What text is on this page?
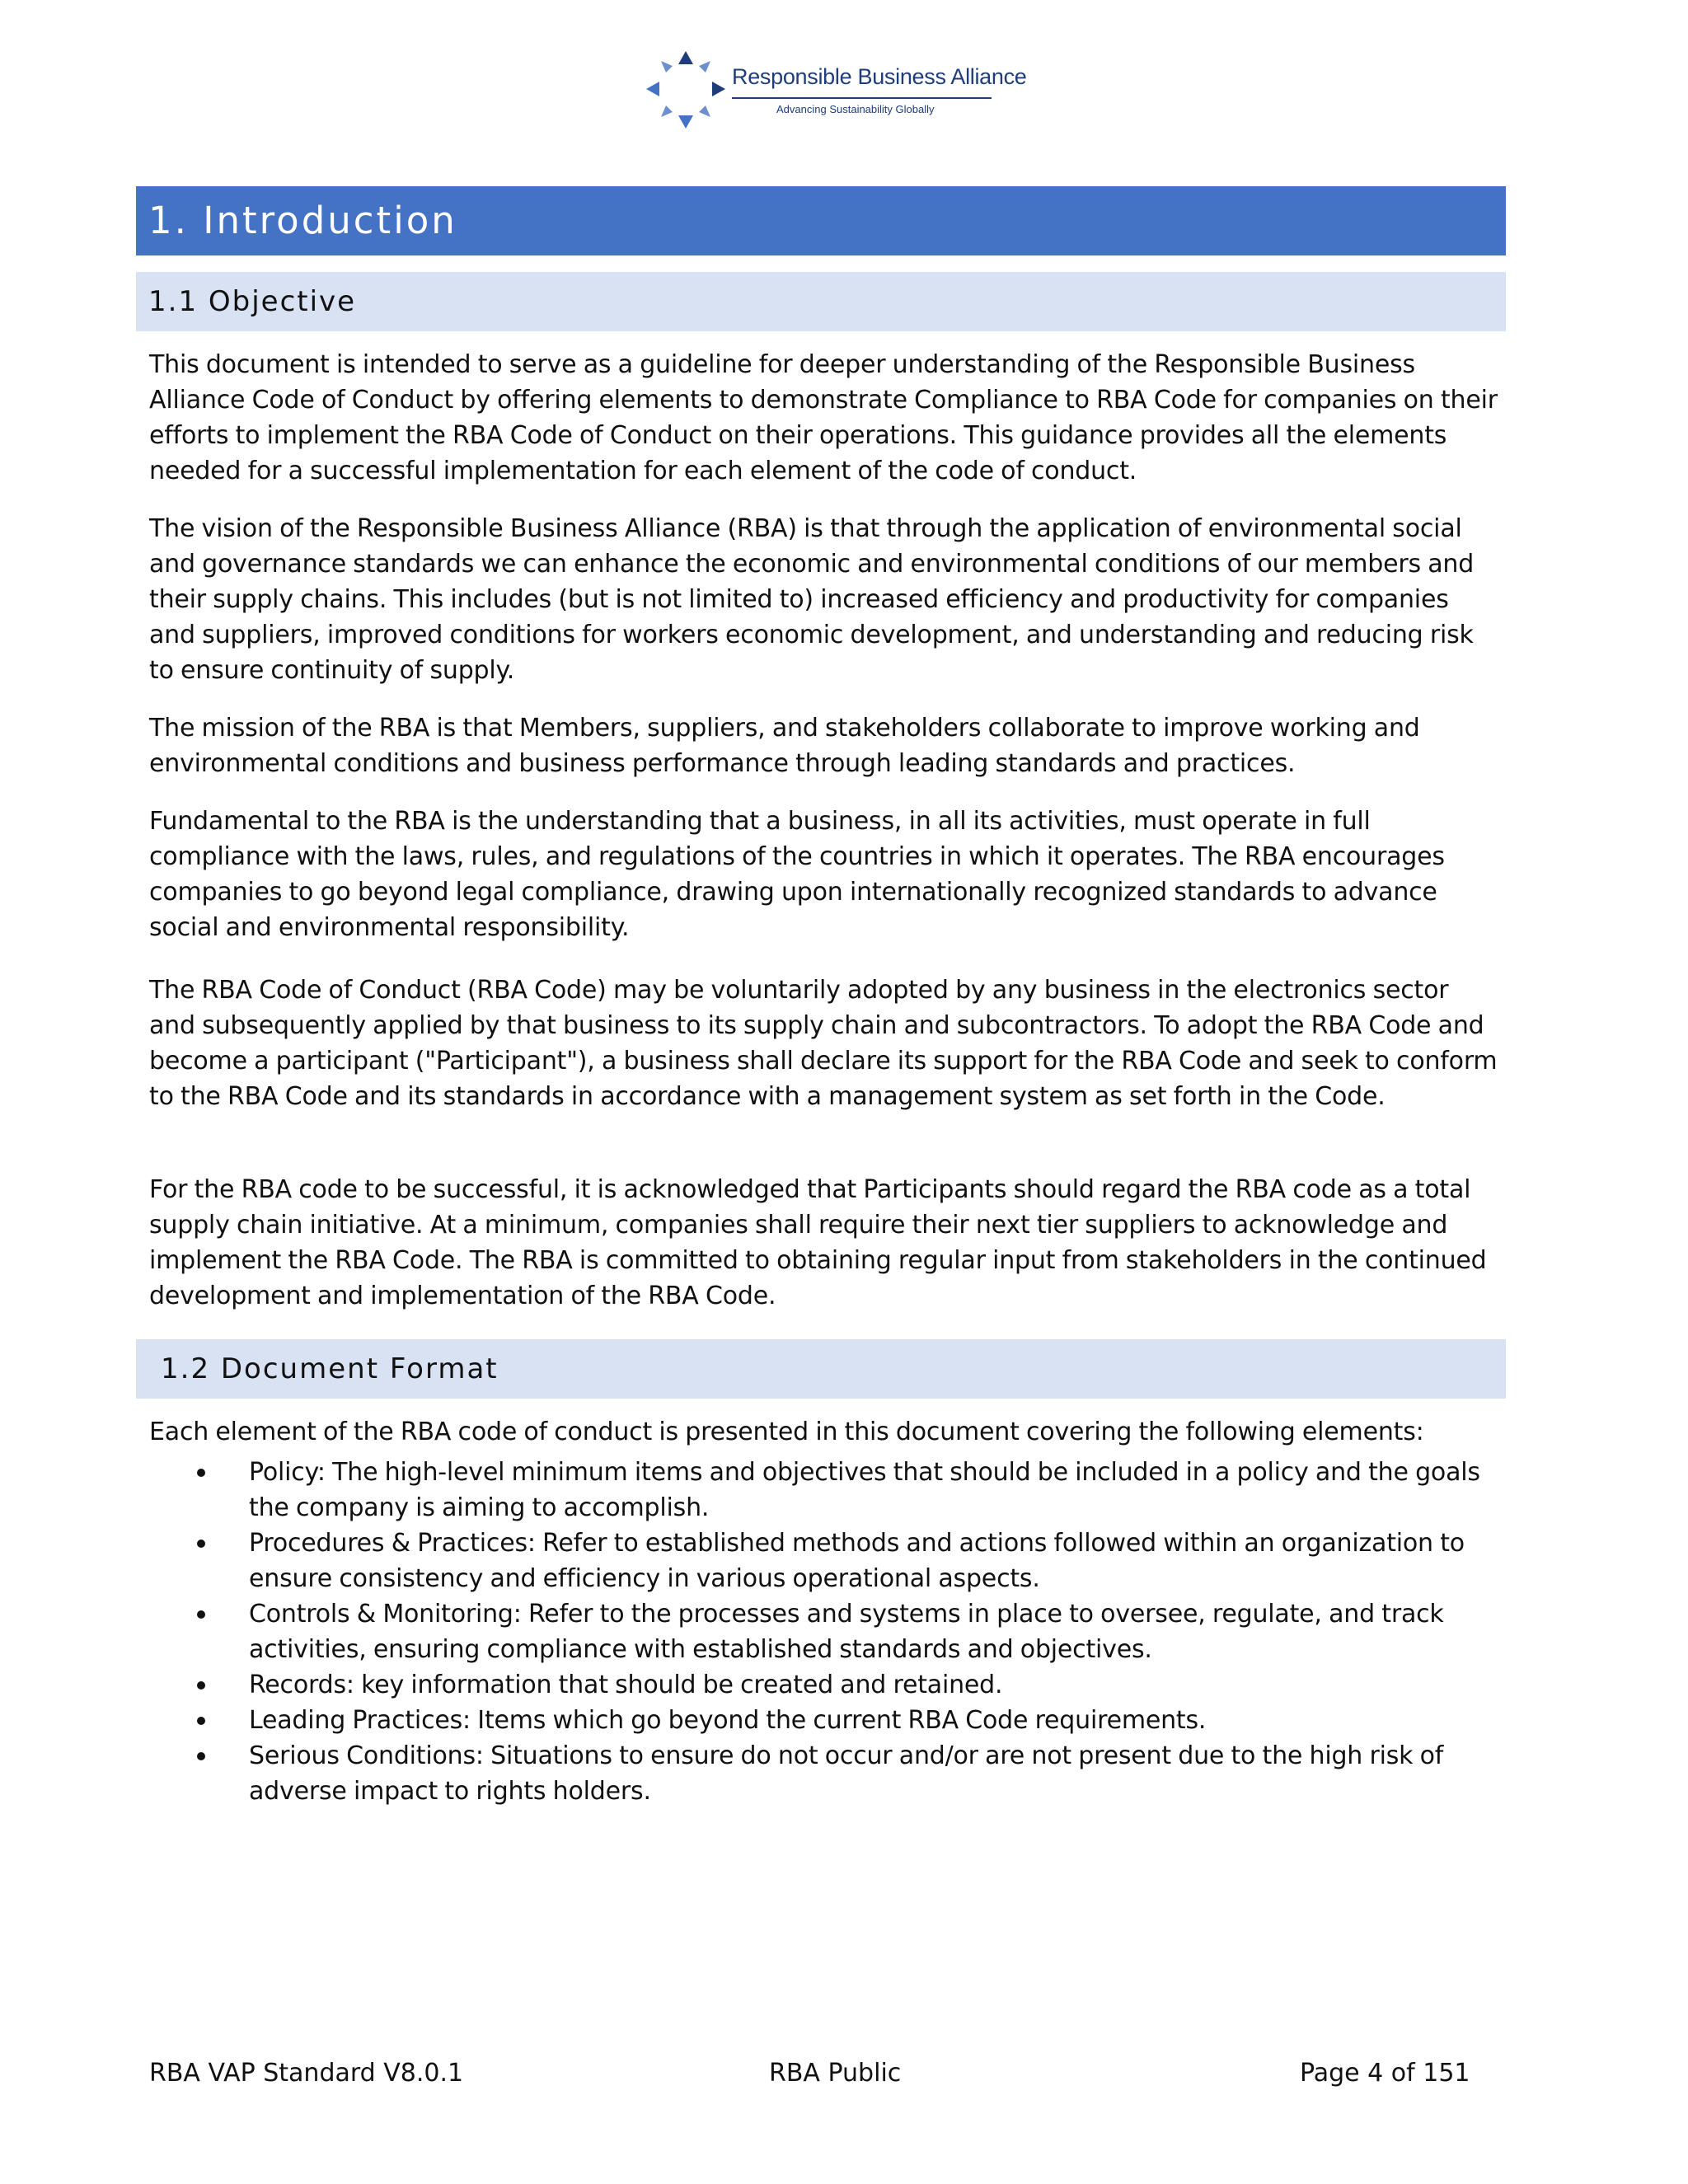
Responsible Business Alliance
Advancing Sustainability Globally
1. Introduction
1.1 Objective

This document is intended to serve as a guideline for deeper understanding of the Responsible Business Alliance Code of Conduct by offering elements to demonstrate Compliance to RBA Code for companies on their efforts to implement the RBA Code of Conduct on their operations. This guidance provides all the elements needed for a successful implementation for each element of the code of conduct.

The vision of the Responsible Business Alliance (RBA) is that through the application of environmental social and governance standards we can enhance the economic and environmental conditions of our members and their supply chains. This includes (but is not limited to) increased efficiency and productivity for companies and suppliers, improved conditions for workers economic development, and understanding and reducing risk to ensure continuity of supply.

The mission of the RBA is that Members, suppliers, and stakeholders collaborate to improve working and environmental conditions and business performance through leading standards and practices.

Fundamental to the RBA is the understanding that a business, in all its activities, must operate in full compliance with the laws, rules, and regulations of the countries in which it operates. The RBA encourages companies to go beyond legal compliance, drawing upon internationally recognized standards to advance social and environmental responsibility.

The RBA Code of Conduct (RBA Code) may be voluntarily adopted by any business in the electronics sector and subsequently applied by that business to its supply chain and subcontractors. To adopt the RBA Code and become a participant ("Participant"), a business shall declare its support for the RBA Code and seek to conform to the RBA Code and its standards in accordance with a management system as set forth in the Code.

For the RBA code to be successful, it is acknowledged that Participants should regard the RBA code as a total supply chain initiative. At a minimum, companies shall require their next tier suppliers to acknowledge and implement the RBA Code. The RBA is committed to obtaining regular input from stakeholders in the continued development and implementation of the RBA Code.

1.2 Document Format

Each element of the RBA code of conduct is presented in this document covering the following elements:

Policy: The high-level minimum items and objectives that should be included in a policy and the goals the company is aiming to accomplish.
Procedures & Practices: Refer to established methods and actions followed within an organization to ensure consistency and efficiency in various operational aspects.
Controls & Monitoring: Refer to the processes and systems in place to oversee, regulate, and track activities, ensuring compliance with established standards and objectives.
Records: key information that should be created and retained.
Leading Practices: Items which go beyond the current RBA Code requirements.
Serious Conditions: Situations to ensure do not occur and/or are not present due to the high risk of adverse impact to rights holders.
RBA VAP Standard V8.0.1	RBA Public	Page 4 of 151
